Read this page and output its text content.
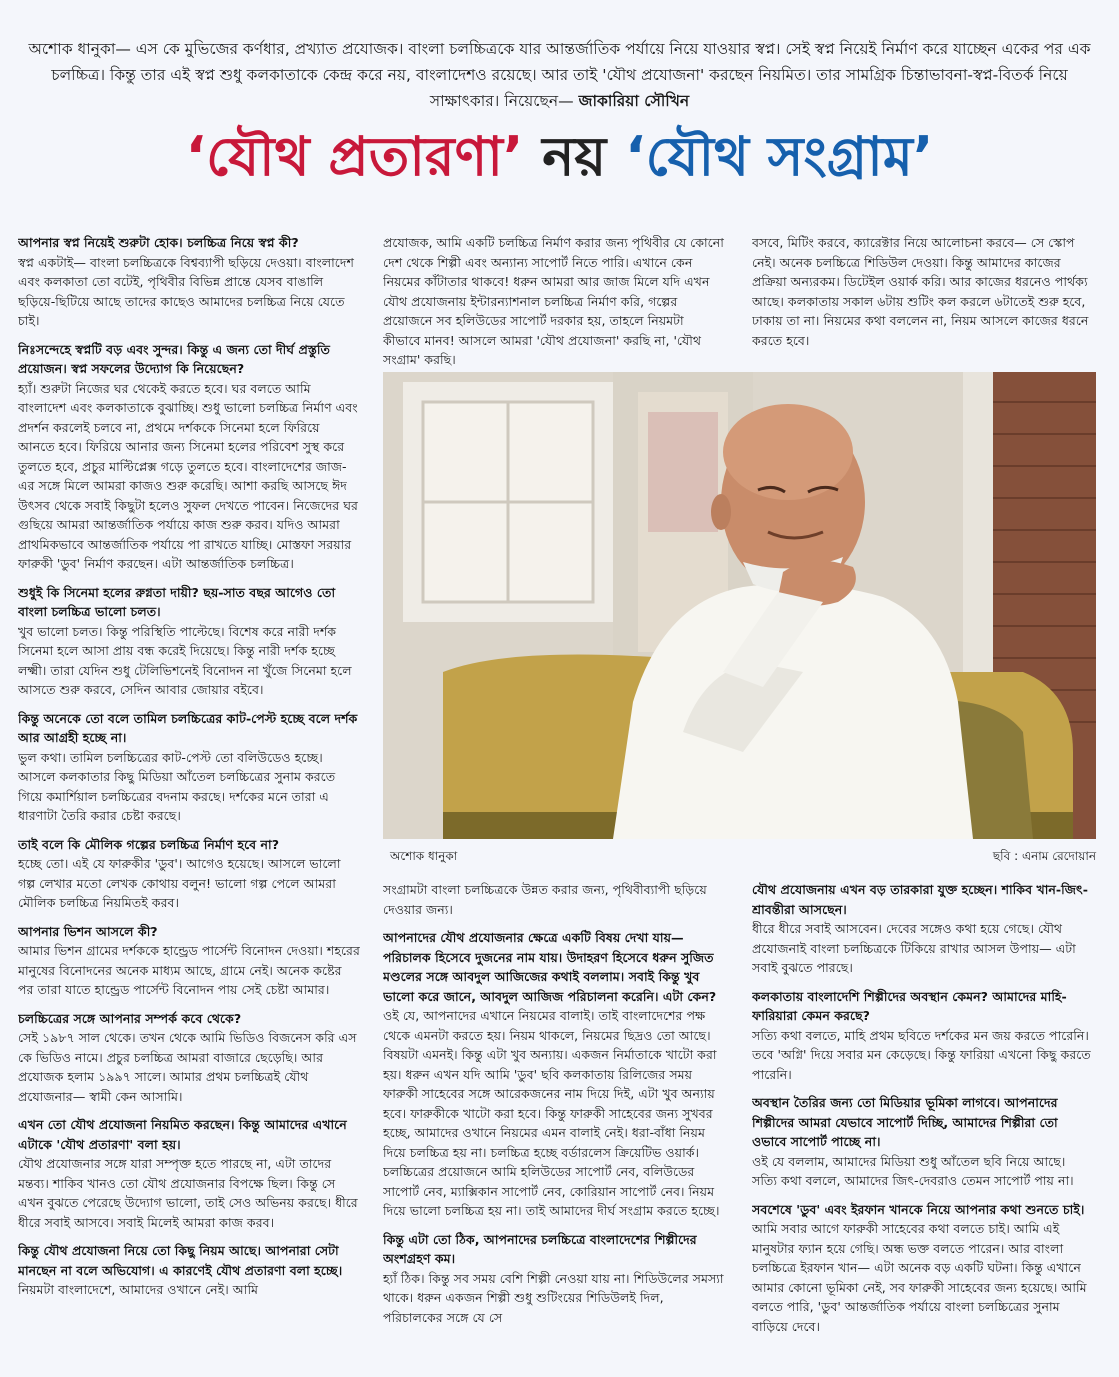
অশোক ধানুকা— এস কে মুভিজের কর্ণধার, প্রখ্যাত প্রযোজক। বাংলা চলচ্চিত্রকে যার আন্তর্জাতিক পর্যায়ে নিয়ে যাওয়ার স্বপ্ন। সেই স্বপ্ন নিয়েই নির্মাণ করে যাচ্ছেন একের পর এক চলচ্চিত্র। কিন্তু তার এই স্বপ্ন শুধু কলকাতাকে কেন্দ্র করে নয়, বাংলাদেশও রয়েছে। আর তাই 'যৌথ প্রযোজনা' করছেন নিয়মিত। তার সামগ্রিক চিন্তাভাবনা-স্বপ্ন-বিতর্ক নিয়ে সাক্ষাৎকার। নিয়েছেন— জাকারিয়া সৌখিন
‘যৌথ প্রতারণা’ নয় ‘যৌথ সংগ্রাম’

আপনার স্বপ্ন নিয়েই শুরুটা হোক। চলচ্চিত্র নিয়ে স্বপ্ন কী?

স্বপ্ন একটাই— বাংলা চলচ্চিত্রকে বিশ্বব্যাপী ছড়িয়ে দেওয়া। বাংলাদেশ এবং কলকাতা তো বটেই, পৃথিবীর বিভিন্ন প্রান্তে যেসব বাঙালি ছড়িয়ে-ছিটিয়ে আছে তাদের কাছেও আমাদের চলচ্চিত্র নিয়ে যেতে চাই।

নিঃসন্দেহে স্বপ্নটি বড় এবং সুন্দর। কিন্তু এ জন্য তো দীর্ঘ প্রস্তুতি প্রয়োজন। স্বপ্ন সফলের উদ্যোগ কি নিয়েছেন?

হ্যাঁ। শুরুটা নিজের ঘর থেকেই করতে হবে। ঘর বলতে আমি বাংলাদেশ এবং কলকাতাকে বুঝাচ্ছি। শুধু ভালো চলচ্চিত্র নির্মাণ এবং প্রদর্শন করলেই চলবে না, প্রথমে দর্শককে সিনেমা হলে ফিরিয়ে আনতে হবে। ফিরিয়ে আনার জন্য সিনেমা হলের পরিবেশ সুস্থ করে তুলতে হবে, প্রচুর মাল্টিপ্লেক্স গড়ে তুলতে হবে। বাংলাদেশের জাজ-এর সঙ্গে মিলে আমরা কাজও শুরু করেছি। আশা করছি আসছে ঈদ উৎসব থেকে সবাই কিছুটা হলেও সুফল দেখতে পাবেন। নিজেদের ঘর গুছিয়ে আমরা আন্তর্জাতিক পর্যায়ে কাজ শুরু করব। যদিও আমরা প্রাথমিকভাবে আন্তর্জাতিক পর্যায়ে পা রাখতে যাচ্ছি। মোস্তফা সরয়ার ফারুকী 'ডুব' নির্মাণ করছেন। এটা আন্তর্জাতিক চলচ্চিত্র।

শুধুই কি সিনেমা হলের রুগ্নতা দায়ী? ছয়-সাত বছর আগেও তো বাংলা চলচ্চিত্র ভালো চলত।

খুব ভালো চলত। কিন্তু পরিস্থিতি পাল্টেছে। বিশেষ করে নারী দর্শক সিনেমা হলে আসা প্রায় বন্ধ করেই দিয়েছে। কিন্তু নারী দর্শক হচ্ছে লক্ষ্মী। তারা যেদিন শুধু টেলিভিশনেই বিনোদন না খুঁজে সিনেমা হলে আসতে শুরু করবে, সেদিন আবার জোয়ার বইবে।

কিন্তু অনেকে তো বলে তামিল চলচ্চিত্রের কাট-পেস্ট হচ্ছে বলে দর্শক আর আগ্রহী হচ্ছে না।

ভুল কথা। তামিল চলচ্চিত্রের কাট-পেস্ট তো বলিউডেও হচ্ছে। আসলে কলকাতার কিছু মিডিয়া আঁতেল চলচ্চিত্রের সুনাম করতে গিয়ে কমার্শিয়াল চলচ্চিত্রের বদনাম করছে। দর্শকের মনে তারা এ ধারণাটা তৈরি করার চেষ্টা করছে।

তাই বলে কি মৌলিক গল্পের চলচ্চিত্র নির্মাণ হবে না?

হচ্ছে তো। এই যে ফারুকীর 'ডুব'। আগেও হয়েছে। আসলে ভালো গল্প লেখার মতো লেখক কোথায় বলুন! ভালো গল্প পেলে আমরা মৌলিক চলচ্চিত্র নিয়মিতই করব।

আপনার ভিশন আসলে কী?

আমার ভিশন গ্রামের দর্শককে হান্ড্রেড পার্সেন্ট বিনোদন দেওয়া। শহরের মানুষের বিনোদনের অনেক মাধ্যম আছে, গ্রামে নেই। অনেক কষ্টের পর তারা যাতে হান্ড্রেড পার্সেন্ট বিনোদন পায় সেই চেষ্টা আমার।

চলচ্চিত্রের সঙ্গে আপনার সম্পর্ক কবে থেকে?

সেই ১৯৮৭ সাল থেকে। তখন থেকে আমি ভিডিও বিজনেস করি এস কে ভিডিও নামে। প্রচুর চলচ্চিত্র আমরা বাজারে ছেড়েছি। আর প্রযোজক হলাম ১৯৯৭ সালে। আমার প্রথম চলচ্চিত্রই যৌথ প্রযোজনার— স্বামী কেন আসামি।

এখন তো যৌথ প্রযোজনা নিয়মিত করছেন। কিন্তু আমাদের এখানে এটাকে 'যৌথ প্রতারণা' বলা হয়।

যৌথ প্রযোজনার সঙ্গে যারা সম্পৃক্ত হতে পারছে না, এটা তাদের মন্তব্য। শাকিব খানও তো যৌথ প্রযোজনার বিপক্ষে ছিল। কিন্তু সে এখন বুঝতে পেরেছে উদ্যোগ ভালো, তাই সেও অভিনয় করছে। ধীরে ধীরে সবাই আসবে। সবাই মিলেই আমরা কাজ করব।

কিন্তু যৌথ প্রযোজনা নিয়ে তো কিছু নিয়ম আছে। আপনারা সেটা মানছেন না বলে অভিযোগ। এ কারণেই যৌথ প্রতারণা বলা হচ্ছে।

নিয়মটা বাংলাদেশে, আমাদের ওখানে নেই। আমি

প্রযোজক, আমি একটি চলচ্চিত্র নির্মাণ করার জন্য পৃথিবীর যে কোনো দেশ থেকে শিল্পী এবং অন্যান্য সাপোর্ট নিতে পারি। এখানে কেন নিয়মের কাঁটাতার থাকবে! ধরুন আমরা আর জাজ মিলে যদি এখন যৌথ প্রযোজনায় ইন্টারন্যাশনাল চলচ্চিত্র নির্মাণ করি, গল্পের প্রয়োজনে সব হলিউডের সাপোর্ট দরকার হয়, তাহলে নিয়মটা কীভাবে মানব! আসলে আমরা 'যৌথ প্রযোজনা' করছি না, 'যৌথ সংগ্রাম' করছি।

বসবে, মিটিং করবে, ক্যারেক্টার নিয়ে আলোচনা করবে— সে স্কোপ নেই। অনেক চলচ্চিত্রে শিডিউল দেওয়া। কিন্তু আমাদের কাজের প্রক্রিয়া অন্যরকম। ডিটেইল ওয়ার্ক করি। আর কাজের ধরনেও পার্থক্য আছে। কলকাতায় সকাল ৬টায় শুটিং কল করলে ৬টাতেই শুরু হবে, ঢাকায় তা না। নিয়মের কথা বললেন না, নিয়ম আসলে কাজের ধরনে করতে হবে।

অশোক ধানুকা	ছবি : এনাম রেদোয়ান

সংগ্রামটা বাংলা চলচ্চিত্রকে উন্নত করার জন্য, পৃথিবীব্যাপী ছড়িয়ে দেওয়ার জন্য।

আপনাদের যৌথ প্রযোজনার ক্ষেত্রে একটি বিষয় দেখা যায়— পরিচালক হিসেবে দুজনের নাম যায়। উদাহরণ হিসেবে ধরুন সুজিত মণ্ডলের সঙ্গে আবদুল আজিজের কথাই বললাম। সবাই কিন্তু খুব ভালো করে জানে, আবদুল আজিজ পরিচালনা করেনি। এটা কেন?

ওই যে, আপনাদের এখানে নিয়মের বালাই। তাই বাংলাদেশের পক্ষ থেকে এমনটা করতে হয়। নিয়ম থাকলে, নিয়মের ছিদ্রও তো আছে। বিষয়টা এমনই। কিন্তু এটা খুব অন্যায়। একজন নির্মাতাকে খাটো করা হয়। ধরুন এখন যদি আমি 'ডুব' ছবি কলকাতায় রিলিজের সময় ফারুকী সাহেবের সঙ্গে আরেকজনের নাম দিয়ে দিই, এটা খুব অন্যায় হবে। ফারুকীকে খাটো করা হবে। কিন্তু ফারুকী সাহেবের জন্য সুখবর হচ্ছে, আমাদের ওখানে নিয়মের এমন বালাই নেই। ধরা-বাঁধা নিয়ম দিয়ে চলচ্চিত্র হয় না। চলচ্চিত্র হচ্ছে বর্ডারলেস ক্রিয়েটিভ ওয়ার্ক। চলচ্চিত্রের প্রয়োজনে আমি হলিউডের সাপোর্ট নেব, বলিউডের সাপোর্ট নেব, ম্যাক্সিকান সাপোর্ট নেব, কোরিয়ান সাপোর্ট নেব। নিয়ম দিয়ে ভালো চলচ্চিত্র হয় না। তাই আমাদের দীর্ঘ সংগ্রাম করতে হচ্ছে।

কিন্তু এটা তো ঠিক, আপনাদের চলচ্চিত্রে বাংলাদেশের শিল্পীদের অংশগ্রহণ কম।

হ্যাঁ ঠিক। কিন্তু সব সময় বেশি শিল্পী নেওয়া যায় না। শিডিউলের সমস্যা থাকে। ধরুন একজন শিল্পী শুধু শুটিংয়ের শিডিউলই দিল, পরিচালকের সঙ্গে যে সে

যৌথ প্রযোজনায় এখন বড় তারকারা যুক্ত হচ্ছেন। শাকিব খান-জিৎ-শ্রাবন্তীরা আসছেন।

ধীরে ধীরে সবাই আসবেন। দেবের সঙ্গেও কথা হয়ে গেছে। যৌথ প্রযোজনাই বাংলা চলচ্চিত্রকে টিকিয়ে রাখার আসল উপায়— এটা সবাই বুঝতে পারছে।

কলকাতায় বাংলাদেশি শিল্পীদের অবস্থান কেমন? আমাদের মাহি-ফারিয়ারা কেমন করছে?

সত্যি কথা বলতে, মাহি প্রথম ছবিতে দর্শকের মন জয় করতে পারেনি। তবে 'অগ্নি' দিয়ে সবার মন কেড়েছে। কিন্তু ফারিয়া এখনো কিছু করতে পারেনি।

অবস্থান তৈরির জন্য তো মিডিয়ার ভূমিকা লাগবে। আপনাদের শিল্পীদের আমরা যেভাবে সাপোর্ট দিচ্ছি, আমাদের শিল্পীরা তো ওভাবে সাপোর্ট পাচ্ছে না।

ওই যে বললাম, আমাদের মিডিয়া শুধু আঁতেল ছবি নিয়ে আছে। সত্যি কথা বললে, আমাদের জিৎ-দেবরাও তেমন সাপোর্ট পায় না।

সবশেষে 'ডুব' এবং ইরফান খানকে নিয়ে আপনার কথা শুনতে চাই।

আমি সবার আগে ফারুকী সাহেবের কথা বলতে চাই। আমি এই মানুষটার ফ্যান হয়ে গেছি। অন্ধ ভক্ত বলতে পারেন। আর বাংলা চলচ্চিত্রে ইরফান খান— এটা অনেক বড় একটি ঘটনা। কিন্তু এখানে আমার কোনো ভূমিকা নেই, সব ফারুকী সাহেবের জন্য হয়েছে। আমি বলতে পারি, 'ডুব' আন্তর্জাতিক পর্যায়ে বাংলা চলচ্চিত্রের সুনাম বাড়িয়ে দেবে।
